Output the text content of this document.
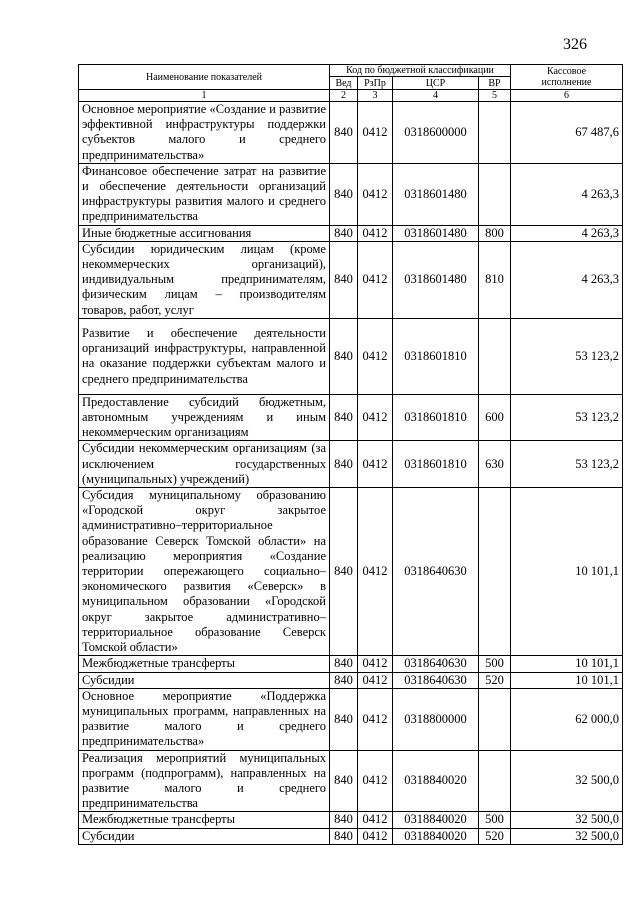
326
Наименование показателей	Код по бюджетной классификации				Кассовое
исполнение
	Вед	РзПр	ЦСР	ВР	
1	2	3	4	5	6
Основное мероприятие «Создание и развитие эффективной инфраструктуры поддержки субъектов малого и среднего предпринимательства»	840	0412	0318600000		67 487,6
Финансовое обеспечение затрат на развитие и обеспечение деятельности организаций инфраструктуры развития малого и среднего предпринимательства	840	0412	0318601480		4 263,3
Иные бюджетные ассигнования	840	0412	0318601480	800	4 263,3
Субсидии юридическим лицам (кроме некоммерческих организаций), индивидуальным предпринимателям, физическим лицам – производителям товаров, работ, услуг	840	0412	0318601480	810	4 263,3
Развитие и обеспечение деятельности организаций инфраструктуры, направленной на оказание поддержки субъектам малого и среднего предпринимательства	840	0412	0318601810		53 123,2
Предоставление субсидий бюджетным, автономным учреждениям и иным некоммерческим организациям	840	0412	0318601810	600	53 123,2
Субсидии некоммерческим организациям (за исключением государственных (муниципальных) учреждений)	840	0412	0318601810	630	53 123,2
Субсидия муниципальному образованию «Городской округ закрытое административно–территориальное образование Северск Томской области» на реализацию мероприятия «Создание территории опережающего социально–экономического развития «Северск» в муниципальном образовании «Городской округ закрытое административно–территориальное образование Северск Томской области»	840	0412	0318640630		10 101,1
Межбюджетные трансферты	840	0412	0318640630	500	10 101,1
Субсидии	840	0412	0318640630	520	10 101,1
Основное мероприятие «Поддержка муниципальных программ, направленных на развитие малого и среднего предпринимательства»	840	0412	0318800000		62 000,0
Реализация мероприятий муниципальных программ (подпрограмм), направленных на развитие малого и среднего предпринимательства	840	0412	0318840020		32 500,0
Межбюджетные трансферты	840	0412	0318840020	500	32 500,0
Субсидии	840	0412	0318840020	520	32 500,0
